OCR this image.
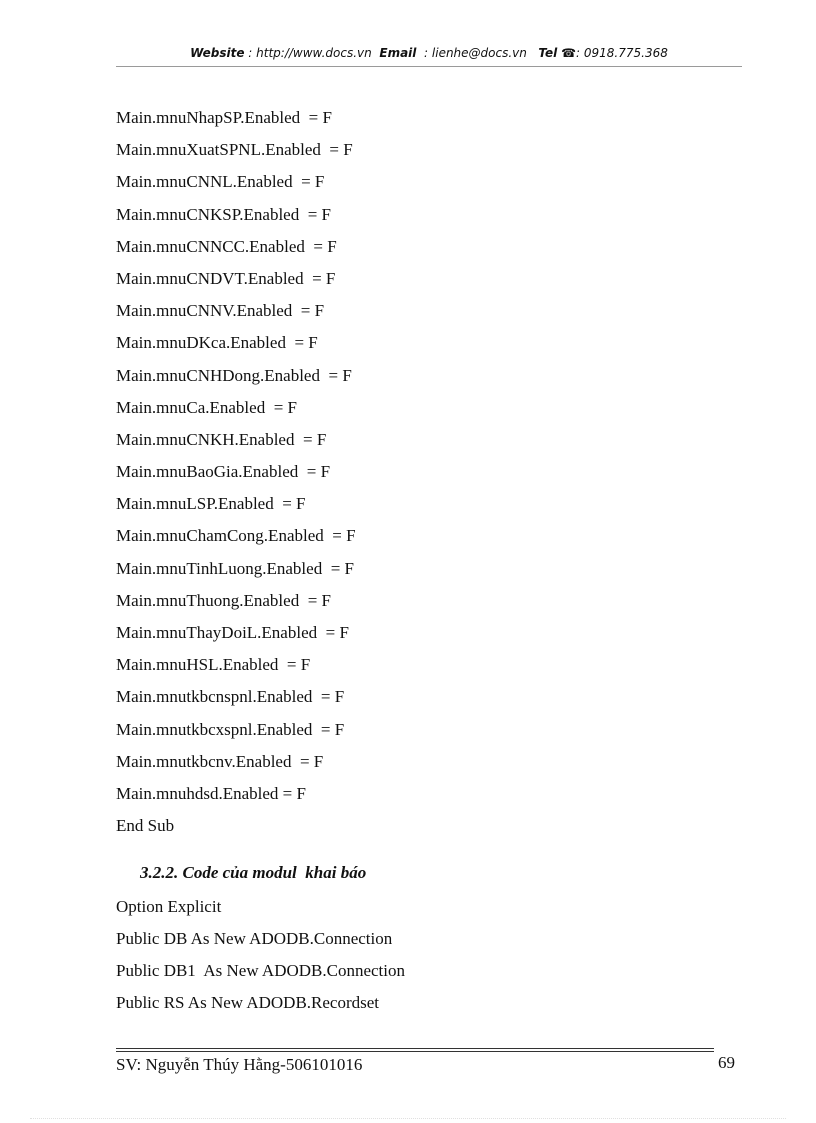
Website : http://www.docs.vn Email : lienhe@docs.vn Tel ☎: 0918.775.368
Main.mnuNhapSP.Enabled  = F
Main.mnuXuatSPNL.Enabled  = F
Main.mnuCNNL.Enabled  = F
Main.mnuCNKSP.Enabled  = F
Main.mnuCNNCC.Enabled  = F
Main.mnuCNDVT.Enabled  = F
Main.mnuCNNV.Enabled  = F
Main.mnuDKca.Enabled  = F
Main.mnuCNHDong.Enabled  = F
Main.mnuCa.Enabled  = F
Main.mnuCNKH.Enabled  = F
Main.mnuBaoGia.Enabled  = F
Main.mnuLSP.Enabled  = F
Main.mnuChamCong.Enabled  = F
Main.mnuTinhLuong.Enabled  = F
Main.mnuThuong.Enabled  = F
Main.mnuThayDoiL.Enabled  = F
Main.mnuHSL.Enabled  = F
Main.mnutkbcnspnl.Enabled  = F
Main.mnutkbcxspnl.Enabled  = F
Main.mnutkbcnv.Enabled  = F
Main.mnuhdsd.Enabled = F
End Sub
3.2.2. Code của modul  khai báo
Option Explicit
Public DB As New ADODB.Connection
Public DB1  As New ADODB.Connection
Public RS As New ADODB.Recordset
SV: Nguyễn Thúy Hằng-506101016	69
